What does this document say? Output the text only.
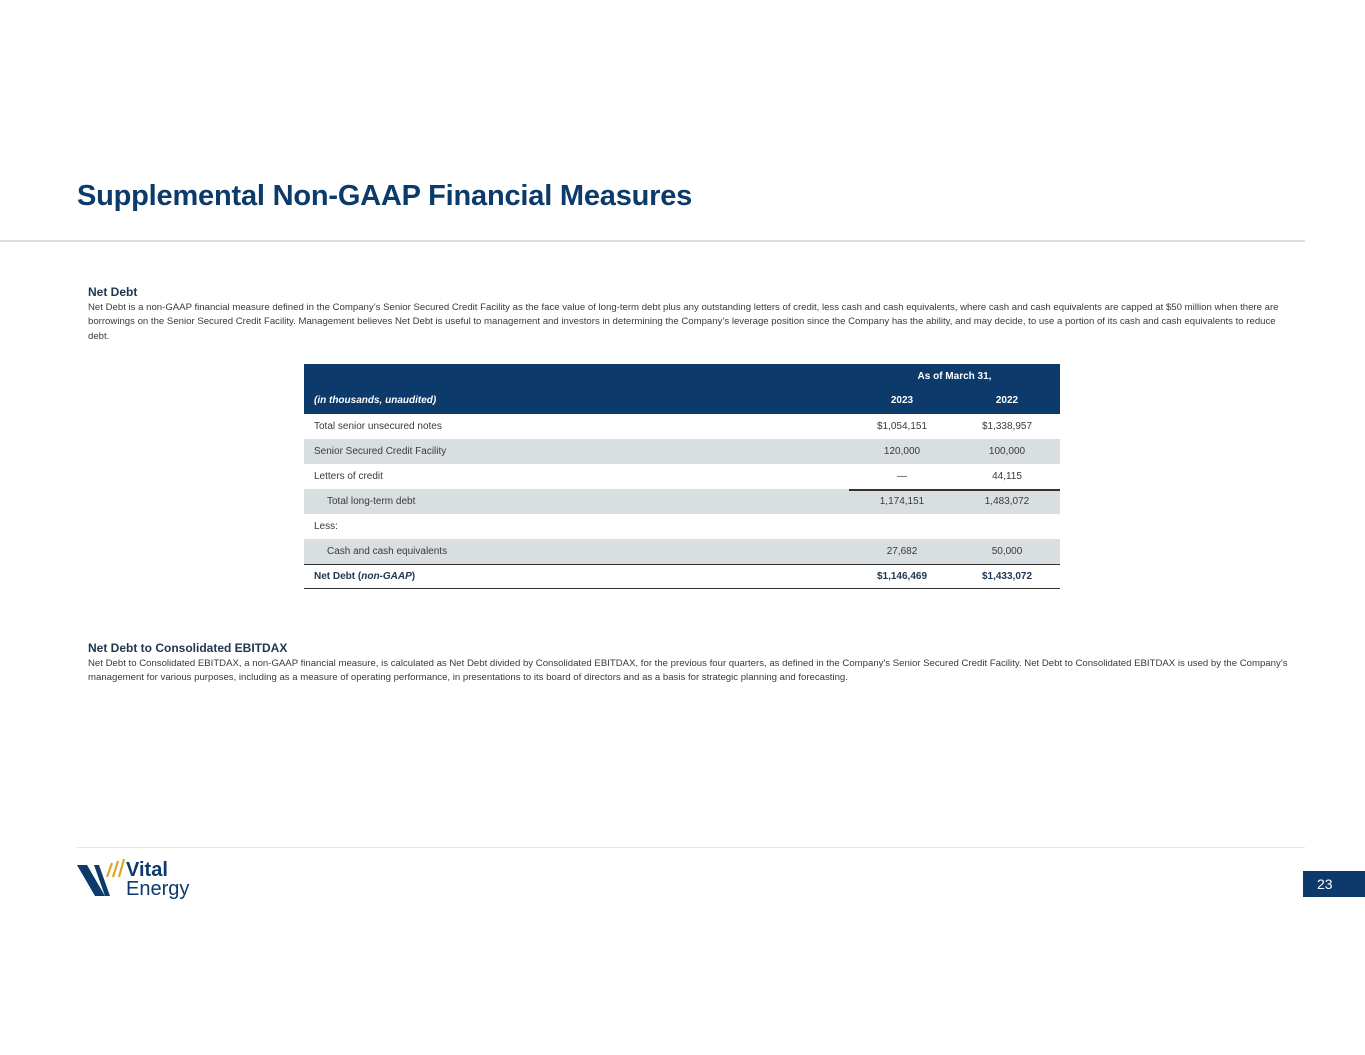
Supplemental Non-GAAP Financial Measures
Net Debt

Net Debt is a non-GAAP financial measure defined in the Company’s Senior Secured Credit Facility as the face value of long-term debt plus any outstanding letters of credit, less cash and cash equivalents, where cash and cash equivalents are capped at $50 million when there are borrowings on the Senior Secured Credit Facility. Management believes Net Debt is useful to management and investors in determining the Company’s leverage position since the Company has the ability, and may decide, to use a portion of its cash and cash equivalents to reduce debt.

As of March 31,
(in thousands, unaudited)	2023	2022
Total senior unsecured notes	$1,054,151	$1,338,957
Senior Secured Credit Facility	120,000	100,000
Letters of credit	—	44,115
Total long-term debt	1,174,151	1,483,072
Less:
Cash and cash equivalents	27,682	50,000
Net Debt (non-GAAP)	$1,146,469	$1,433,072
Net Debt to Consolidated EBITDAX

Net Debt to Consolidated EBITDAX, a non-GAAP financial measure, is calculated as Net Debt divided by Consolidated EBITDAX, for the previous four quarters, as defined in the Company's Senior Secured Credit Facility. Net Debt to Consolidated EBITDAX is used by the Company’s management for various purposes, including as a measure of operating performance, in presentations to its board of directors and as a basis for strategic planning and forecasting.

Vital
Energy	23
